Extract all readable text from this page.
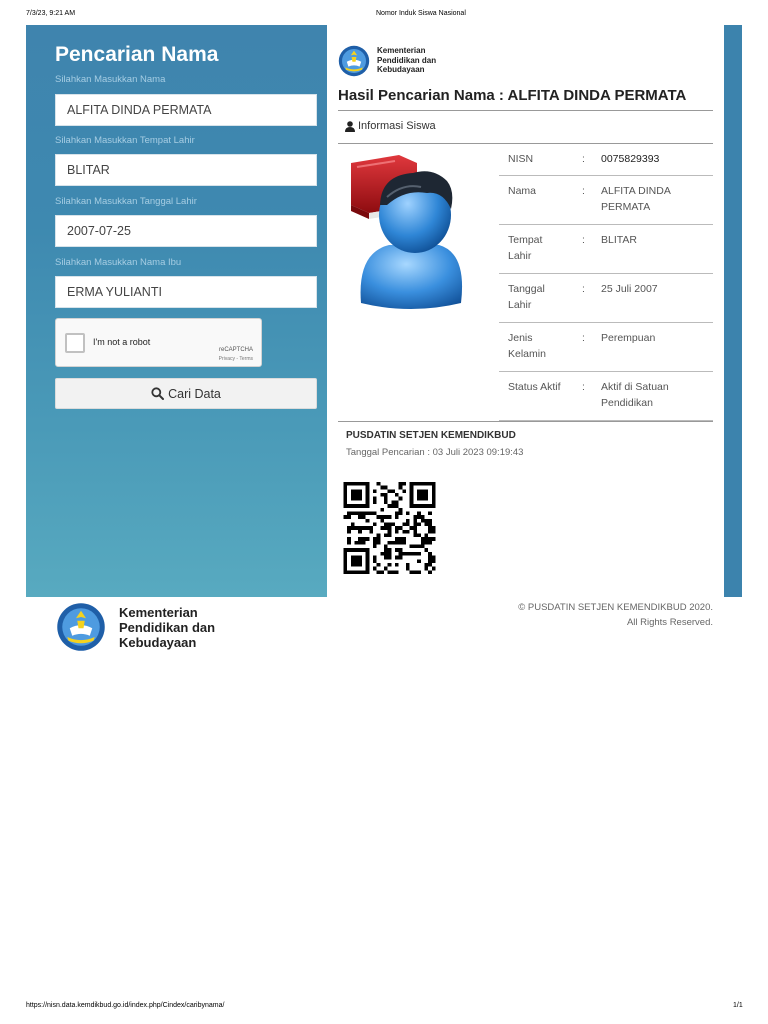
7/3/23, 9:21 AM	Nomor Induk Siswa Nasional
Pencarian Nama
Silahkan Masukkan Nama
ALFITA DINDA PERMATA
Silahkan Masukkan Tempat Lahir
BLITAR
Silahkan Masukkan Tanggal Lahir
2007-07-25
Silahkan Masukkan Nama Ibu
ERMA YULIANTI
I'm not a robot
reCAPTCHA
Privacy - Terms
Cari Data
Kementerian
Pendidikan dan
Kebudayaan
Hasil Pencarian Nama : ALFITA DINDA PERMATA
Informasi Siswa
NISN	: 0075829393
Nama	: ALFITA DINDA PERMATA
Tempat Lahir
: BLITAR
Tanggal Lahir
: 25 Juli 2007
Jenis Kelamin
: Perempuan
Status Aktif : Aktif di Satuan Pendidikan
PUSDATIN SETJEN KEMENDIKBUD
Tanggal Pencarian : 03 Juli 2023 09:19:43
Kementerian
Pendidikan dan
Kebudayaan
© PUSDATIN SETJEN KEMENDIKBUD 2020.
All Rights Reserved.
https://nisn.data.kemdikbud.go.id/index.php/Cindex/caribynama/	1/1
